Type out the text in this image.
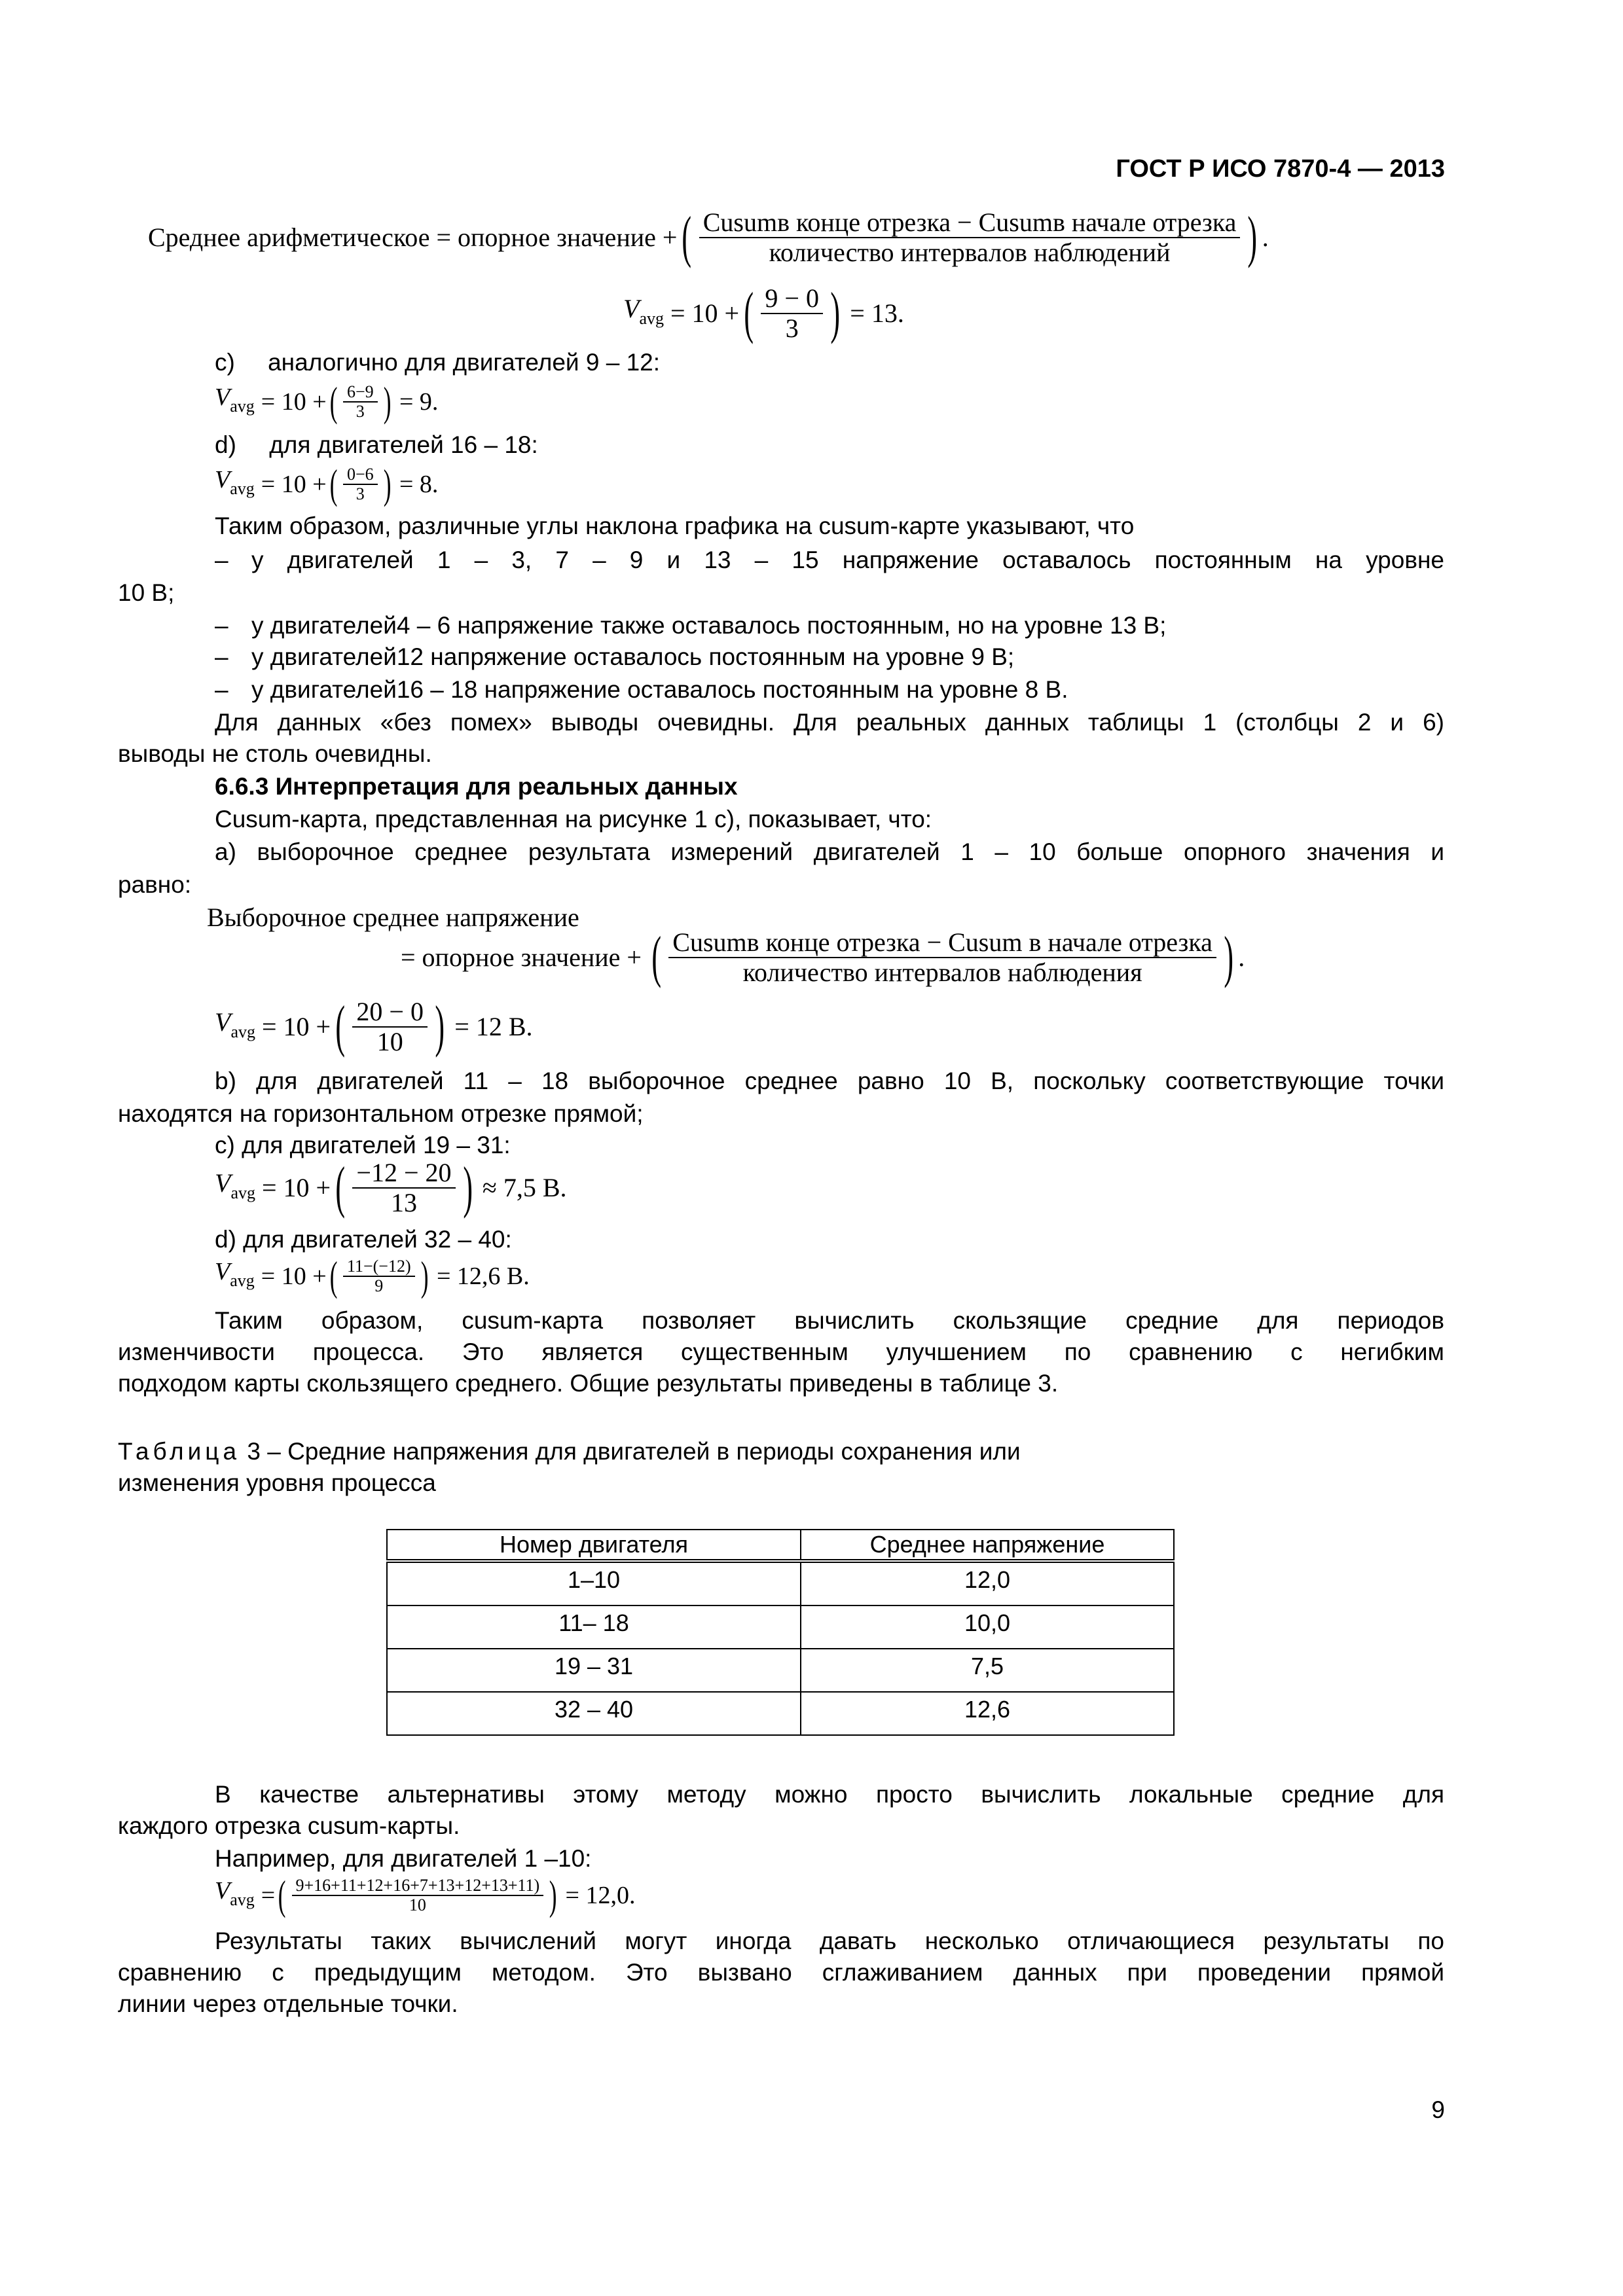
ГОСТ Р ИСО 7870-4 — 2013
Среднее арифметическое = опорное значение + ( $\frac{\text{Cusumв конце отрезка − Cusumв начале отрезка}}{\text{количество интервалов наблюдений}}$ ) .
$V_{avg} = 10$ + ( $\frac{9 - 0}{3}$ ) = 13.
c) аналогично для двигателей 9 – 12:
$V_{avg} = 10$ + ( $\frac{6-9}{3}$ ) = 9.
d) для двигателей 16 – 18:
$V_{avg} = 10$ + ( $\frac{0-6}{3}$ ) = 8.
Таким образом, различные углы наклона графика на cusum-карте указывают, что
– у двигателей 1 – 3, 7 – 9 и 13 – 15 напряжение оставалось постоянным на уровне
10 В;
– у двигателей4 – 6 напряжение также оставалось постоянным, но на уровне 13 В;
– у двигателей12 напряжение оставалось постоянным на уровне 9 В;
– у двигателей16 – 18 напряжение оставалось постоянным на уровне 8 В.
Для данных «без помех» выводы очевидны. Для реальных данных таблицы 1 (столбцы 2 и 6)
выводы не столь очевидны.
6.6.3 Интерпретация для реальных данных
Cusum-карта, представленная на рисунке 1 с), показывает, что:
а) выборочное среднее результата измерений двигателей 1 – 10 больше опорного значения и
равно:
Выборочное среднее напряжение
= опорное значение + ( $\frac{\text{Cusumв конце отрезка − Cusum в начале отрезка}}{\text{количество интервалов наблюдения}}$ ) .
$V_{avg} = 10$ + ( $\frac{20 - 0}{10}$ ) = 12 В.
b) для двигателей 11 – 18 выборочное среднее равно 10 В, поскольку соответствующие точки
находятся на горизонтальном отрезке прямой;
с) для двигателей 19 – 31:
$V_{avg} = 10$ + ( $\frac{-12 - 20}{13}$ ) ≈ 7,5 В.
d) для двигателей 32 – 40:
$V_{avg} = 10$ + ( $\frac{11-(-12)}{9}$ ) = 12,6 В.
Таким образом, cusum-карта позволяет вычислить скользящие средние для периодов
изменчивости процесса. Это является существенным улучшением по сравнению с негибким
подходом карты скользящего среднего. Общие результаты приведены в таблице 3.
Таблица 3 – Средние напряжения для двигателей в периоды сохранения или
изменения уровня процесса
Номер двигателя	Среднее напряжение
1–10	12,0
11– 18	10,0
19 – 31	7,5
32 – 40	12,6
В качестве альтернативы этому методу можно просто вычислить локальные средние для
каждого отрезка cusum-карты.
Например, для двигателей 1 –10:
$V_{avg}$ = ( $\frac{9+16+11+12+16+7+13+12+13+11)}{10}$ ) = 12,0.
Результаты таких вычислений могут иногда давать несколько отличающиеся результаты по
сравнению с предыдущим методом. Это вызвано сглаживанием данных при проведении прямой
линии через отдельные точки.
9
